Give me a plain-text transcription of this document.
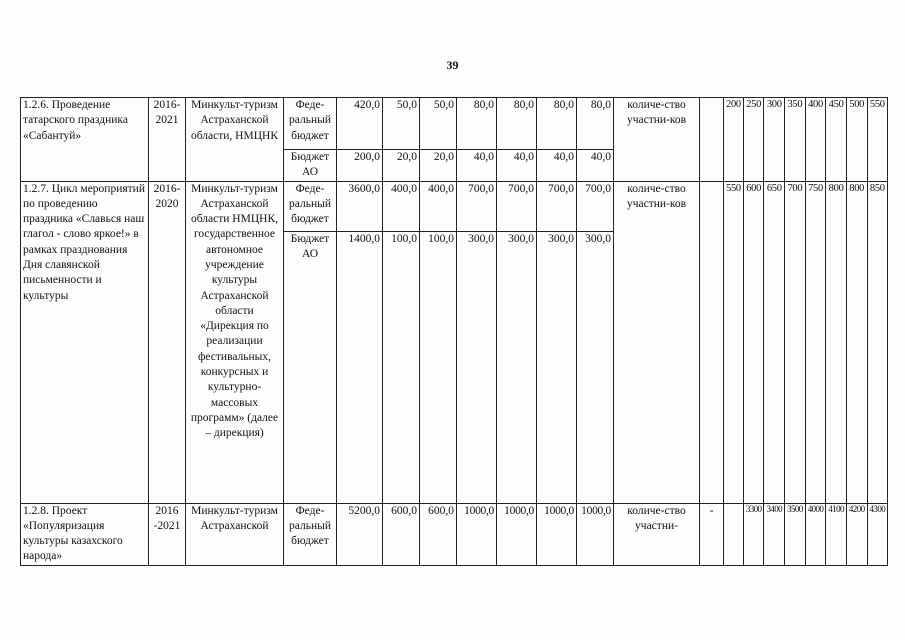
39
1.2.6. Проведение татарского праздника «Сабантуй»	2016-2021	Минкульт-туризм Астраханской области, НМЦНК	Феде-ральный бюджет	420,0	50,0	50,0	80,0	80,0	80,0	80,0	количе-ство участни-ков		200	250	300	350	400	450	500	550
			Бюджет АО	200,0	20,0	20,0	40,0	40,0	40,0	40,0										
1.2.7. Цикл мероприятий по проведению праздника «Славься наш глагол - слово яркое!» в рамках празднования Дня славянской письменности и культуры	2016-2020	Минкульт-туризм Астраханской области НМЦНК, государственное автономное учреждение культуры Астраханской области «Дирекция по реализации фестивальных, конкурсных и культурно-массовых программ» (далее – дирекция)	Феде-ральный бюджет	3600,0	400,0	400,0	700,0	700,0	700,0	700,0	количе-ство участни-ков		550	600	650	700	750	800	800	850
			Бюджет АО	1400,0	100,0	100,0	300,0	300,0	300,0	300,0										
1.2.8. Проект «Популяризация культуры казахского народа»	2016 -2021	Минкульт-туризм Астраханской	Феде-ральный бюджет	5200,0	600,0	600,0	1000,0	1000,0	1000,0	1000,0	количе-ство участни-	-		3300	3400	3500	4000	4100	4200	4300
